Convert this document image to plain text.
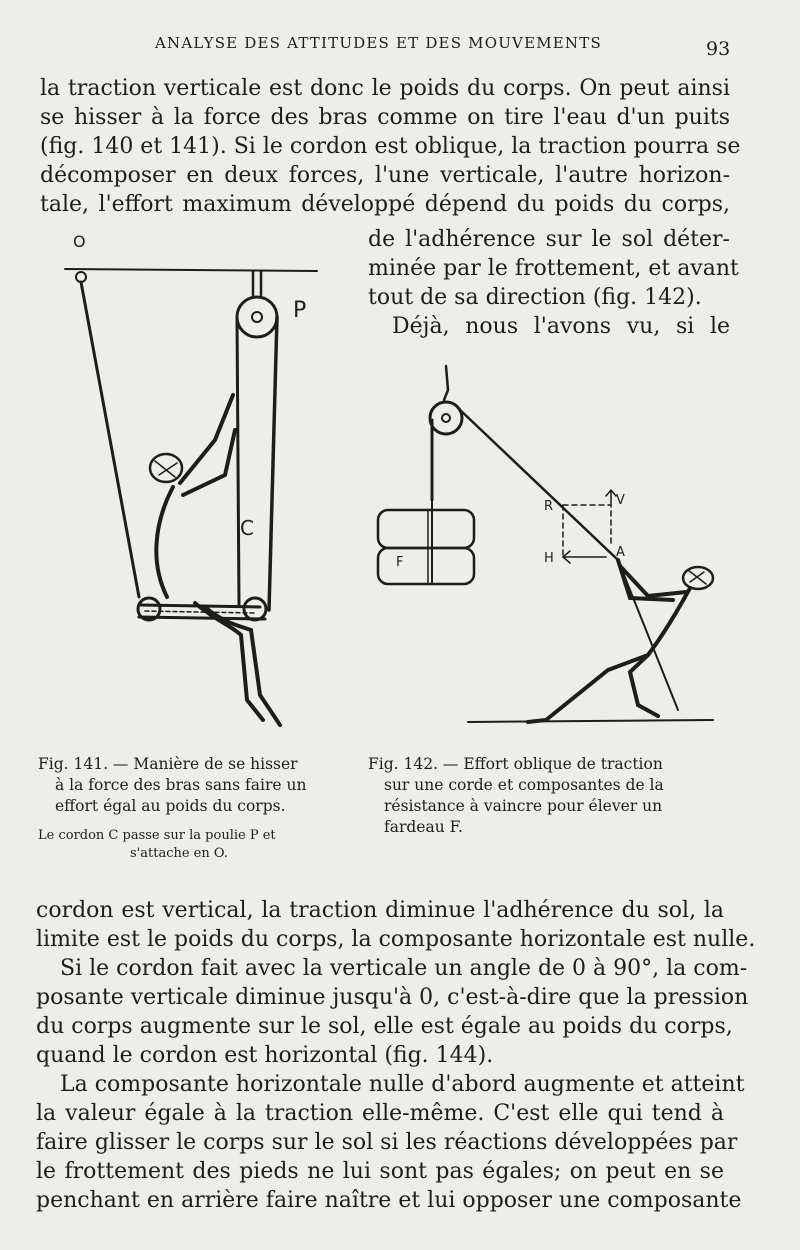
ANALYSE DES ATTITUDES ET DES MOUVEMENTS	93
la traction verticale est donc le poids du corps. On peut ainsi
se hisser à la force des bras comme on tire l'eau d'un puits
(fig. 140 et 141). Si le cordon est oblique, la traction pourra se
décomposer en deux forces, l'une verticale, l'autre horizon-
tale, l'effort maximum développé dépend du poids du corps,
de l'adhérence sur le sol déter-
minée par le frottement, et avant
tout de sa direction (fig. 142).
Déjà, nous l'avons vu, si le
O
P
C
R	V
H	A
F
Fig. 141. — Manière de se hisser
à la force des bras sans faire un
effort égal au poids du corps.
Le cordon C passe sur la poulie P et
s'attache en O.
Fig. 142. — Effort oblique de traction
sur une corde et composantes de la
résistance à vaincre pour élever un
fardeau F.
cordon est vertical, la traction diminue l'adhérence du sol, la
limite est le poids du corps, la composante horizontale est nulle.
Si le cordon fait avec la verticale un angle de 0 à 90°, la com-
posante verticale diminue jusqu'à 0, c'est-à-dire que la pression
du corps augmente sur le sol, elle est égale au poids du corps,
quand le cordon est horizontal (fig. 144).
La composante horizontale nulle d'abord augmente et atteint
la valeur égale à la traction elle-même. C'est elle qui tend à
faire glisser le corps sur le sol si les réactions développées par
le frottement des pieds ne lui sont pas égales; on peut en se
penchant en arrière faire naître et lui opposer une composante
